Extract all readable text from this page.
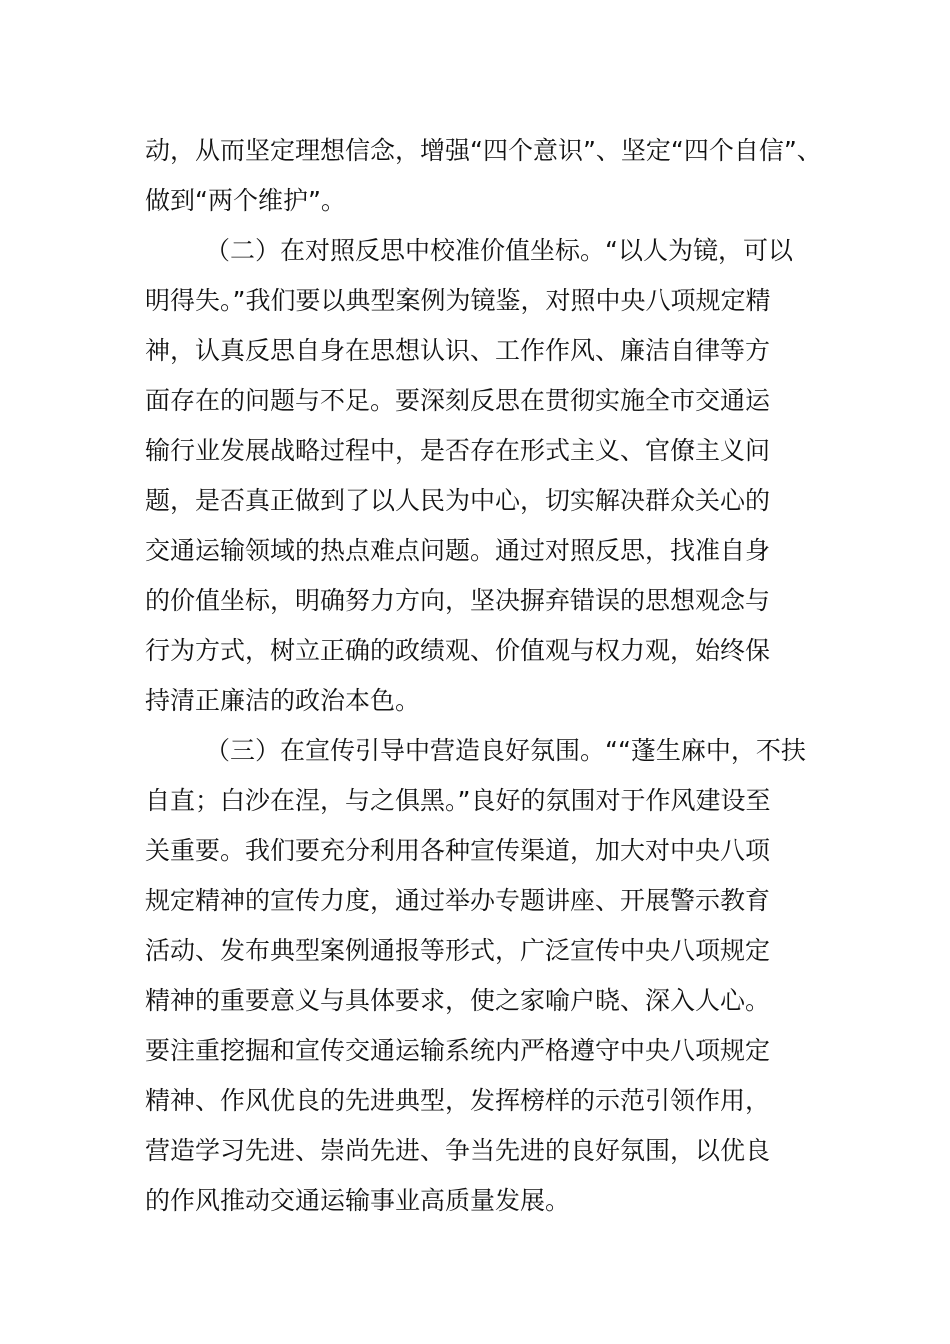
动，从而坚定理想信念，增强“四个意识”、坚定“四个自信”、
做到“两个维护”。
（二）在对照反思中校准价值坐标。“以人为镜，可以
明得失。”我们要以典型案例为镜鉴，对照中央八项规定精
神，认真反思自身在思想认识、工作作风、廉洁自律等方
面存在的问题与不足。要深刻反思在贯彻实施全市交通运
输行业发展战略过程中，是否存在形式主义、官僚主义问
题，是否真正做到了以人民为中心，切实解决群众关心的
交通运输领域的热点难点问题。通过对照反思，找准自身
的价值坐标，明确努力方向，坚决摒弃错误的思想观念与
行为方式，树立正确的政绩观、价值观与权力观，始终保
持清正廉洁的政治本色。
（三）在宣传引导中营造良好氛围。““蓬生麻中，不扶
自直；白沙在涅，与之俱黑。”良好的氛围对于作风建设至
关重要。我们要充分利用各种宣传渠道，加大对中央八项
规定精神的宣传力度，通过举办专题讲座、开展警示教育
活动、发布典型案例通报等形式，广泛宣传中央八项规定
精神的重要意义与具体要求，使之家喻户晓、深入人心。
要注重挖掘和宣传交通运输系统内严格遵守中央八项规定
精神、作风优良的先进典型，发挥榜样的示范引领作用，
营造学习先进、崇尚先进、争当先进的良好氛围，以优良
的作风推动交通运输事业高质量发展。
